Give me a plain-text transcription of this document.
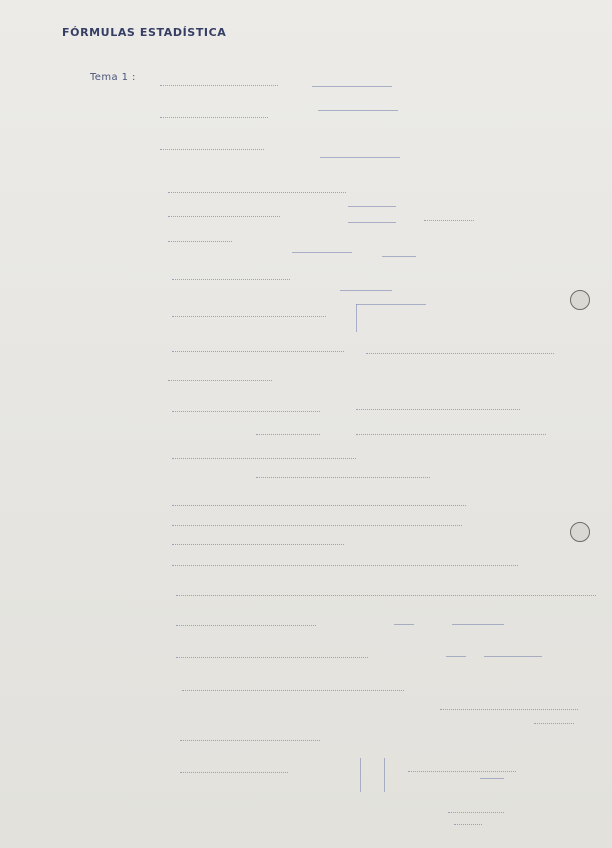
FÓRMULAS ESTADÍSTICA
Tema 1 :
